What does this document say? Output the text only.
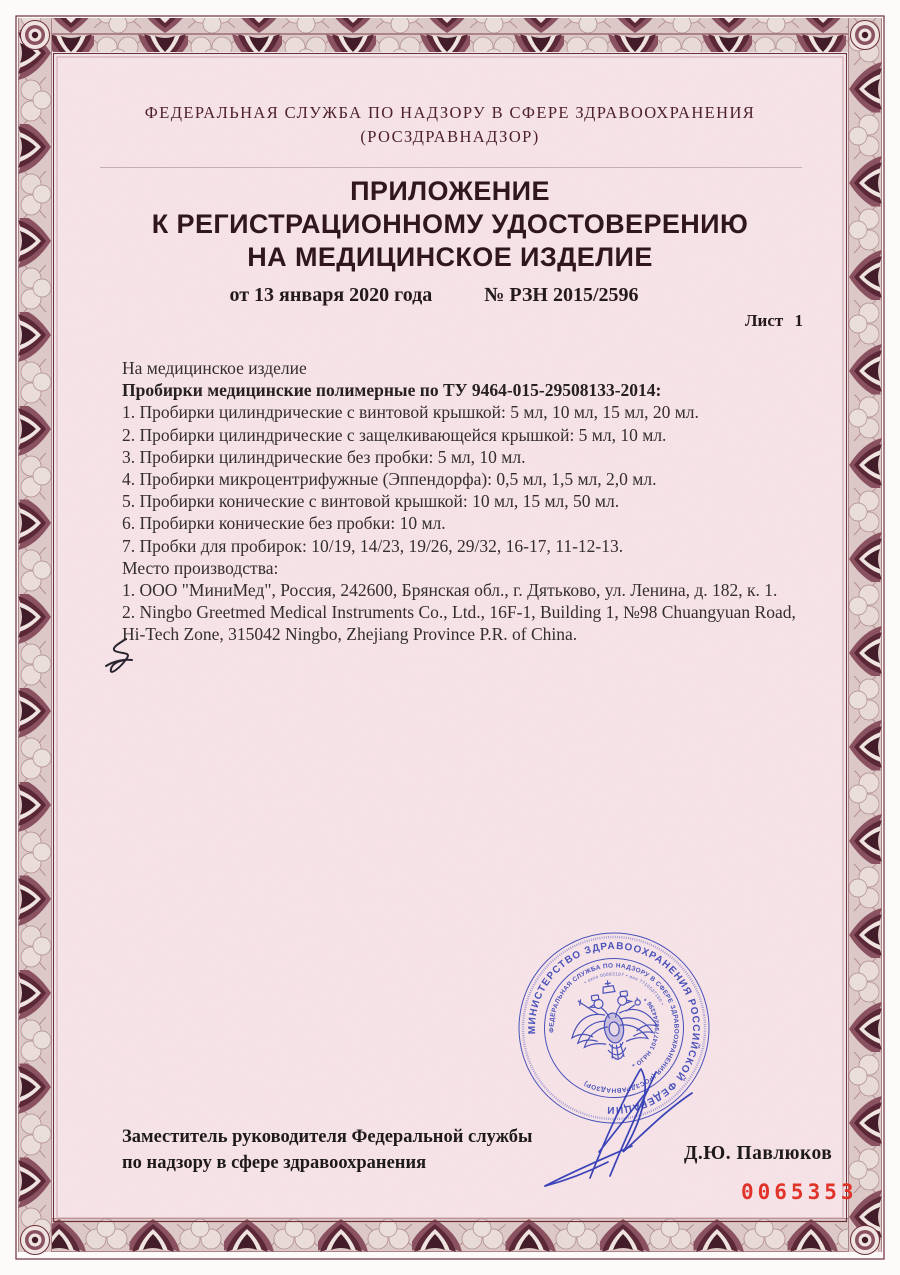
ФЕДЕРАЛЬНАЯ СЛУЖБА ПО НАДЗОРУ В СФЕРЕ ЗДРАВООХРАНЕНИЯ
(РОСЗДРАВНАДЗОР)
ПРИЛОЖЕНИЕ
К РЕГИСТРАЦИОННОМУ УДОСТОВЕРЕНИЮ
НА МЕДИЦИНСКОЕ ИЗДЕЛИЕ
от 13 января 2020 года	№ РЗН 2015/2596
Лист 1
На медицинское изделие
Пробирки медицинские полимерные по ТУ 9464-015-29508133-2014:
1. Пробирки цилиндрические с винтовой крышкой: 5 мл, 10 мл, 15 мл, 20 мл.
2. Пробирки цилиндрические с защелкивающейся крышкой: 5 мл, 10 мл.
3. Пробирки цилиндрические без пробки: 5 мл, 10 мл.
4. Пробирки микроцентрифужные (Эппендорфа): 0,5 мл, 1,5 мл, 2,0 мл.
5. Пробирки конические с винтовой крышкой: 10 мл, 15 мл, 50 мл.
6. Пробирки конические без пробки: 10 мл.
7. Пробки для пробирок: 10/19, 14/23, 19/26, 29/32, 16-17, 11-12-13.
Место производства:
1. ООО "МиниМед", Россия, 242600, Брянская обл., г. Дятьково, ул. Ленина, д. 182, к. 1.
2. Ningbo Greetmed Medical Instruments Co., Ltd., 16F-1, Building 1, №98 Chuangyuan Road, Hi-Tech Zone, 315042 Ningbo, Zhejiang Province P.R. of China.
МИНИСТЕРСТВО ЗДРАВООХРАНЕНИЯ РОССИЙСКОЙ ФЕДЕРАЦИИ
ФЕДЕРАЛЬНАЯ СЛУЖБА ПО НАДЗОРУ В СФЕРЕ ЗДРАВООХРАНЕНИЯ (РОСЗДРАВНАДЗОР)
• окпо 00083197 • инн 7710537160 •
* ОГРН 1047796244396 *
Заместитель руководителя Федеральной службы
по надзору в сфере здравоохранения	Д.Ю. Павлюков
0065353
